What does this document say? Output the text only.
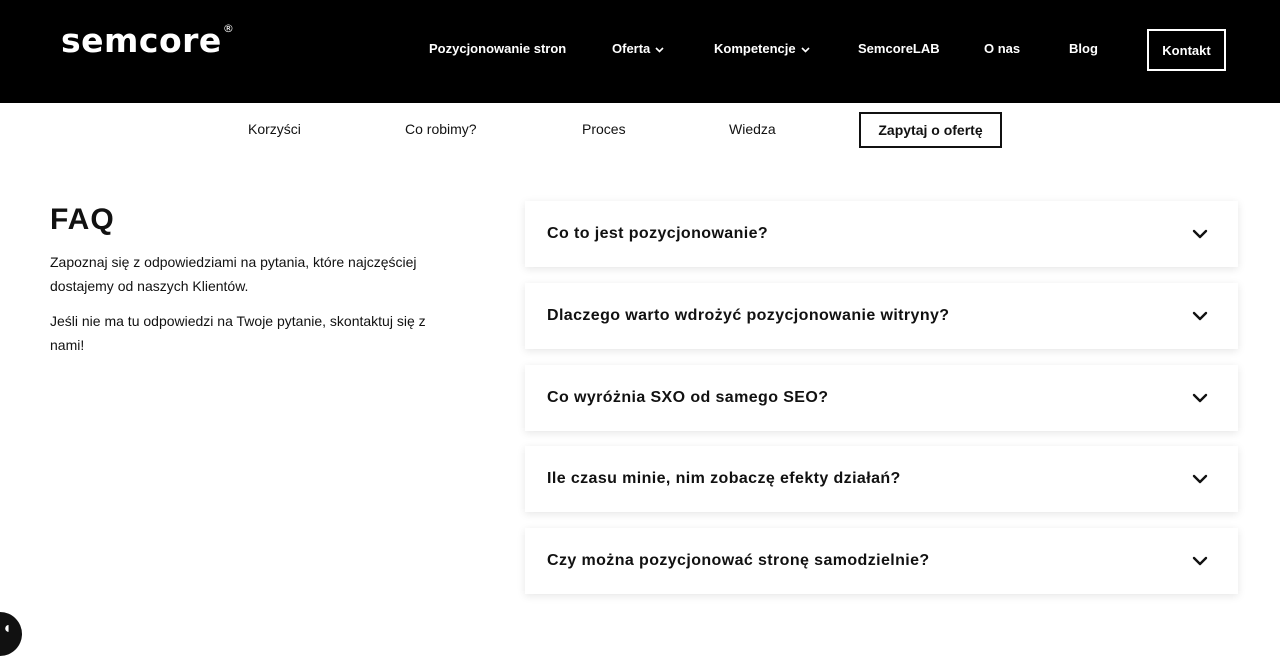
semcore®
Pozycjonowanie stron	Oferta	Kompetencje	SemcoreLAB	O nas	Blog	Kontakt
Korzyści	Co robimy?	Proces	Wiedza	Zapytaj o ofertę
FAQ

Zapoznaj się z odpowiedziami na pytania, które najczęściej dostajemy od naszych Klientów.

Jeśli nie ma tu odpowiedzi na Twoje pytanie, skontaktuj się z nami!

Co to jest pozycjonowanie?
Dlaczego warto wdrożyć pozycjonowanie witryny?
Co wyróżnia SXO od samego SEO?
Ile czasu minie, nim zobaczę efekty działań?
Czy można pozycjonować stronę samodzielnie?
◖
